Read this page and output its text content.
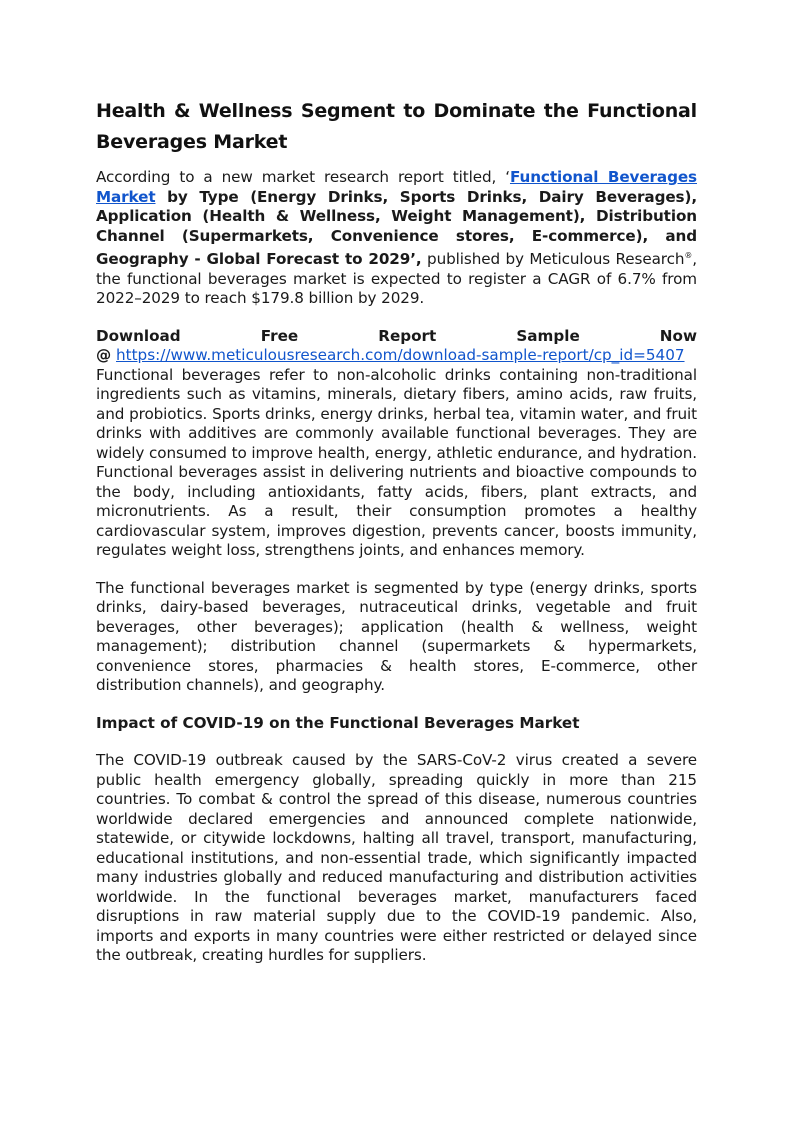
Health & Wellness Segment to Dominate the Functional Beverages Market

According to a new market research report titled, ‘Functional Beverages Market by Type (Energy Drinks, Sports Drinks, Dairy Beverages), Application (Health & Wellness, Weight Management), Distribution Channel (Supermarkets, Convenience stores, E-commerce), and Geography - Global Forecast to 2029’, published by Meticulous Research®, the functional beverages market is expected to register a CAGR of 6.7% from 2022–2029 to reach $179.8 billion by 2029.

Download	Free	Report	Sample	Now

@ https://www.meticulousresearch.com/download-sample-report/cp_id=5407

Functional beverages refer to non-alcoholic drinks containing non-traditional ingredients such as vitamins, minerals, dietary fibers, amino acids, raw fruits, and probiotics. Sports drinks, energy drinks, herbal tea, vitamin water, and fruit drinks with additives are commonly available functional beverages. They are widely consumed to improve health, energy, athletic endurance, and hydration. Functional beverages assist in delivering nutrients and bioactive compounds to the body, including antioxidants, fatty acids, fibers, plant extracts, and micronutrients. As a result, their consumption promotes a healthy cardiovascular system, improves digestion, prevents cancer, boosts immunity, regulates weight loss, strengthens joints, and enhances memory.

The functional beverages market is segmented by type (energy drinks, sports drinks, dairy-based beverages, nutraceutical drinks, vegetable and fruit beverages, other beverages); application (health & wellness, weight management); distribution channel (supermarkets & hypermarkets, convenience stores, pharmacies & health stores, E-commerce, other distribution channels), and geography.

Impact of COVID-19 on the Functional Beverages Market

The COVID-19 outbreak caused by the SARS-CoV-2 virus created a severe public health emergency globally, spreading quickly in more than 215 countries. To combat & control the spread of this disease, numerous countries worldwide declared emergencies and announced complete nationwide, statewide, or citywide lockdowns, halting all travel, transport, manufacturing, educational institutions, and non-essential trade, which significantly impacted many industries globally and reduced manufacturing and distribution activities worldwide. In the functional beverages market, manufacturers faced disruptions in raw material supply due to the COVID-19 pandemic. Also, imports and exports in many countries were either restricted or delayed since the outbreak, creating hurdles for suppliers.
